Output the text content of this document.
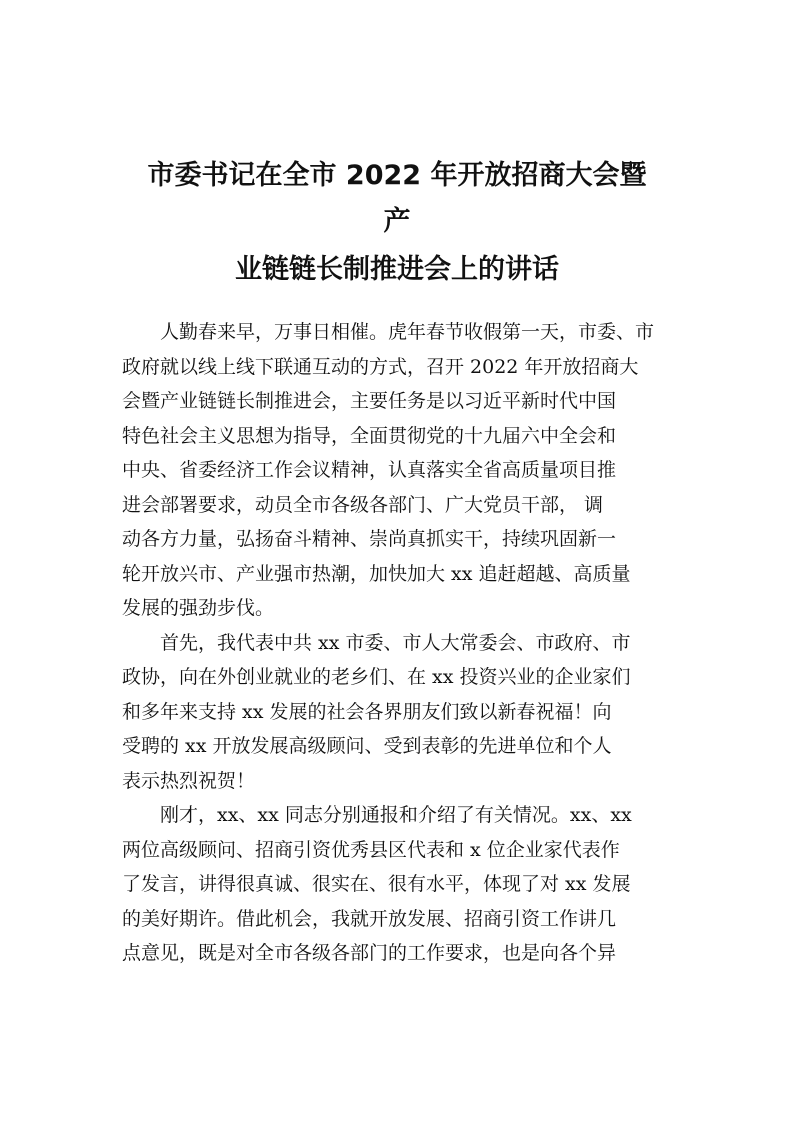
市委书记在全市 2022 年开放招商大会暨
产
业链链长制推进会上的讲话
人勤春来早，万事日相催。虎年春节收假第一天，市委、市
政府就以线上线下联通互动的方式，召开 2022 年开放招商大
会暨产业链链长制推进会，主要任务是以习近平新时代中国
特色社会主义思想为指导，全面贯彻党的十九届六中全会和
中央、省委经济工作会议精神，认真落实全省高质量项目推
进会部署要求，动员全市各级各部门、广大党员干部， 调
动各方力量，弘扬奋斗精神、崇尚真抓实干，持续巩固新一
轮开放兴市、产业强市热潮，加快加大 xx 追赶超越、高质量
发展的强劲步伐。
首先，我代表中共 xx 市委、市人大常委会、市政府、市
政协，向在外创业就业的老乡们、在 xx 投资兴业的企业家们
和多年来支持 xx 发展的社会各界朋友们致以新春祝福！向
受聘的 xx 开放发展高级顾问、受到表彰的先进单位和个人
表示热烈祝贺！
刚才，xx、xx 同志分别通报和介绍了有关情况。xx、xx
两位高级顾问、招商引资优秀县区代表和 x 位企业家代表作
了发言，讲得很真诚、很实在、很有水平，体现了对 xx 发展
的美好期许。借此机会，我就开放发展、招商引资工作讲几
点意见，既是对全市各级各部门的工作要求，也是向各个异
